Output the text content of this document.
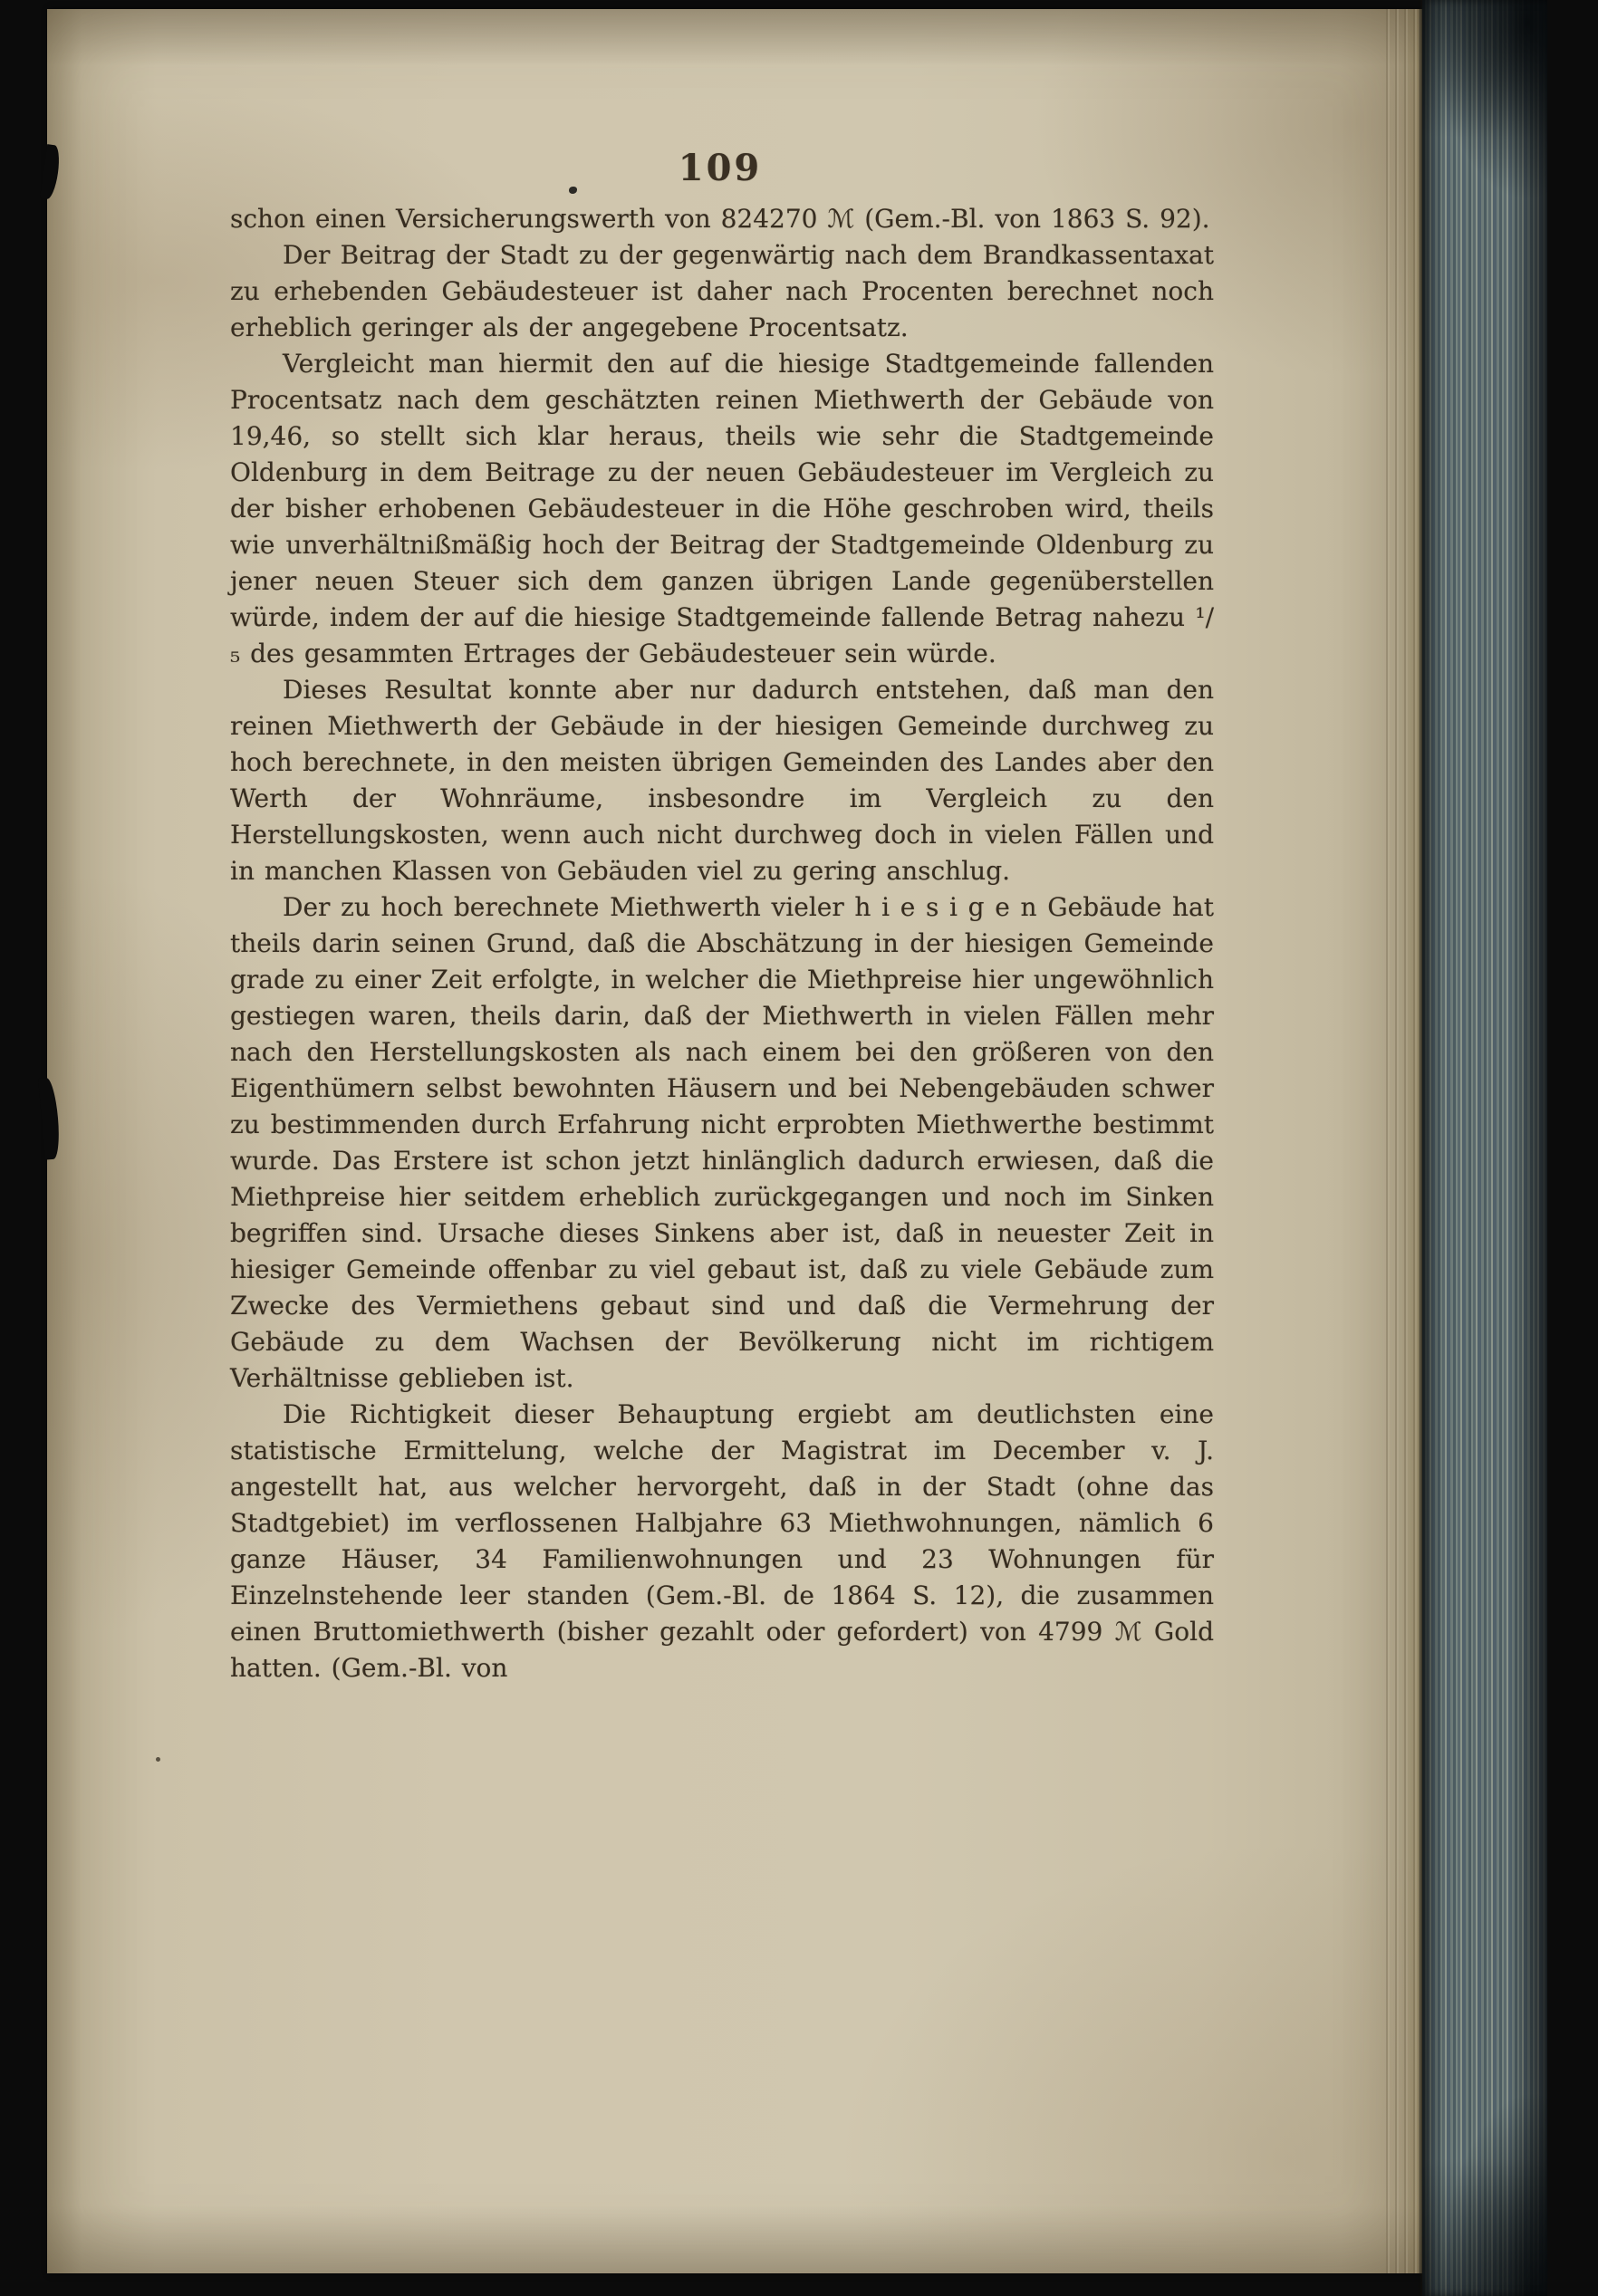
109

schon einen Versicherungswerth von 824270 ℳ (Gem.-Bl. von 1863 S. 92).

Der Beitrag der Stadt zu der gegenwärtig nach dem Brandkassentaxat zu erhebenden Gebäudesteuer ist daher nach Procenten berechnet noch erheblich geringer als der angegebene Procentsatz.

Vergleicht man hiermit den auf die hiesige Stadtgemeinde fallenden Procentsatz nach dem geschätzten reinen Miethwerth der Gebäude von 19,46, so stellt sich klar heraus, theils wie sehr die Stadtgemeinde Oldenburg in dem Beitrage zu der neuen Gebäudesteuer im Vergleich zu der bisher erhobenen Gebäudesteuer in die Höhe geschroben wird, theils wie unverhältnißmäßig hoch der Beitrag der Stadtgemeinde Oldenburg zu jener neuen Steuer sich dem ganzen übrigen Lande gegenüberstellen würde, indem der auf die hiesige Stadtgemeinde fallende Betrag nahezu ¹/₅ des gesammten Ertrages der Gebäudesteuer sein würde.

Dieses Resultat konnte aber nur dadurch entstehen, daß man den reinen Miethwerth der Gebäude in der hiesigen Gemeinde durchweg zu hoch berechnete, in den meisten übrigen Gemeinden des Landes aber den Werth der Wohnräume, insbesondre im Vergleich zu den Herstellungskosten, wenn auch nicht durchweg doch in vielen Fällen und in manchen Klassen von Gebäuden viel zu gering anschlug.

Der zu hoch berechnete Miethwerth vieler h i e s i g e n Gebäude hat theils darin seinen Grund, daß die Abschätzung in der hiesigen Gemeinde grade zu einer Zeit erfolgte, in welcher die Miethpreise hier ungewöhnlich gestiegen waren, theils darin, daß der Miethwerth in vielen Fällen mehr nach den Herstellungskosten als nach einem bei den größeren von den Eigenthümern selbst bewohnten Häusern und bei Nebengebäuden schwer zu bestimmenden durch Erfahrung nicht erprobten Miethwerthe bestimmt wurde. Das Erstere ist schon jetzt hinlänglich dadurch erwiesen, daß die Miethpreise hier seitdem erheblich zurückgegangen und noch im Sinken begriffen sind. Ursache dieses Sinkens aber ist, daß in neuester Zeit in hiesiger Gemeinde offenbar zu viel gebaut ist, daß zu viele Gebäude zum Zwecke des Vermiethens gebaut sind und daß die Vermehrung der Gebäude zu dem Wachsen der Bevölkerung nicht im richtigem Verhältnisse geblieben ist.

Die Richtigkeit dieser Behauptung ergiebt am deutlichsten eine statistische Ermittelung, welche der Magistrat im December v. J. angestellt hat, aus welcher hervorgeht, daß in der Stadt (ohne das Stadtgebiet) im verflossenen Halbjahre 63 Miethwohnungen, nämlich 6 ganze Häuser, 34 Familienwohnungen und 23 Wohnungen für Einzelnstehende leer standen (Gem.-Bl. de 1864 S. 12), die zusammen einen Bruttomiethwerth (bisher gezahlt oder gefordert) von 4799 ℳ Gold hatten. (Gem.-Bl. von
